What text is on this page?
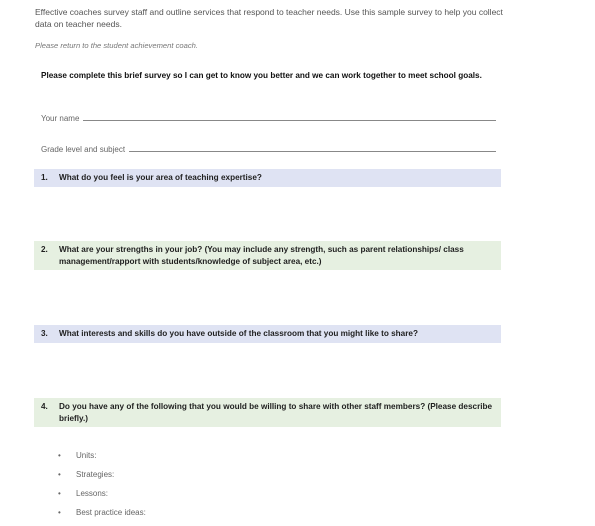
Effective coaches survey staff and outline services that respond to teacher needs. Use this sample survey to help you collect data on teacher needs.
Please return to the student achievement coach.
Please complete this brief survey so I can get to know you better and we can work together to meet school goals.
Your name
Grade level and subject
1.	What do you feel is your area of teaching expertise?
2.	What are your strengths in your job? (You may include any strength, such as parent relationships/ class management/rapport with students/knowledge of subject area, etc.)
3.	What interests and skills do you have outside of the classroom that you might like to share?
4.	Do you have any of the following that you would be willing to share with other staff members? (Please describe briefly.)
•	Units:
•	Strategies:
•	Lessons:
•	Best practice ideas:
